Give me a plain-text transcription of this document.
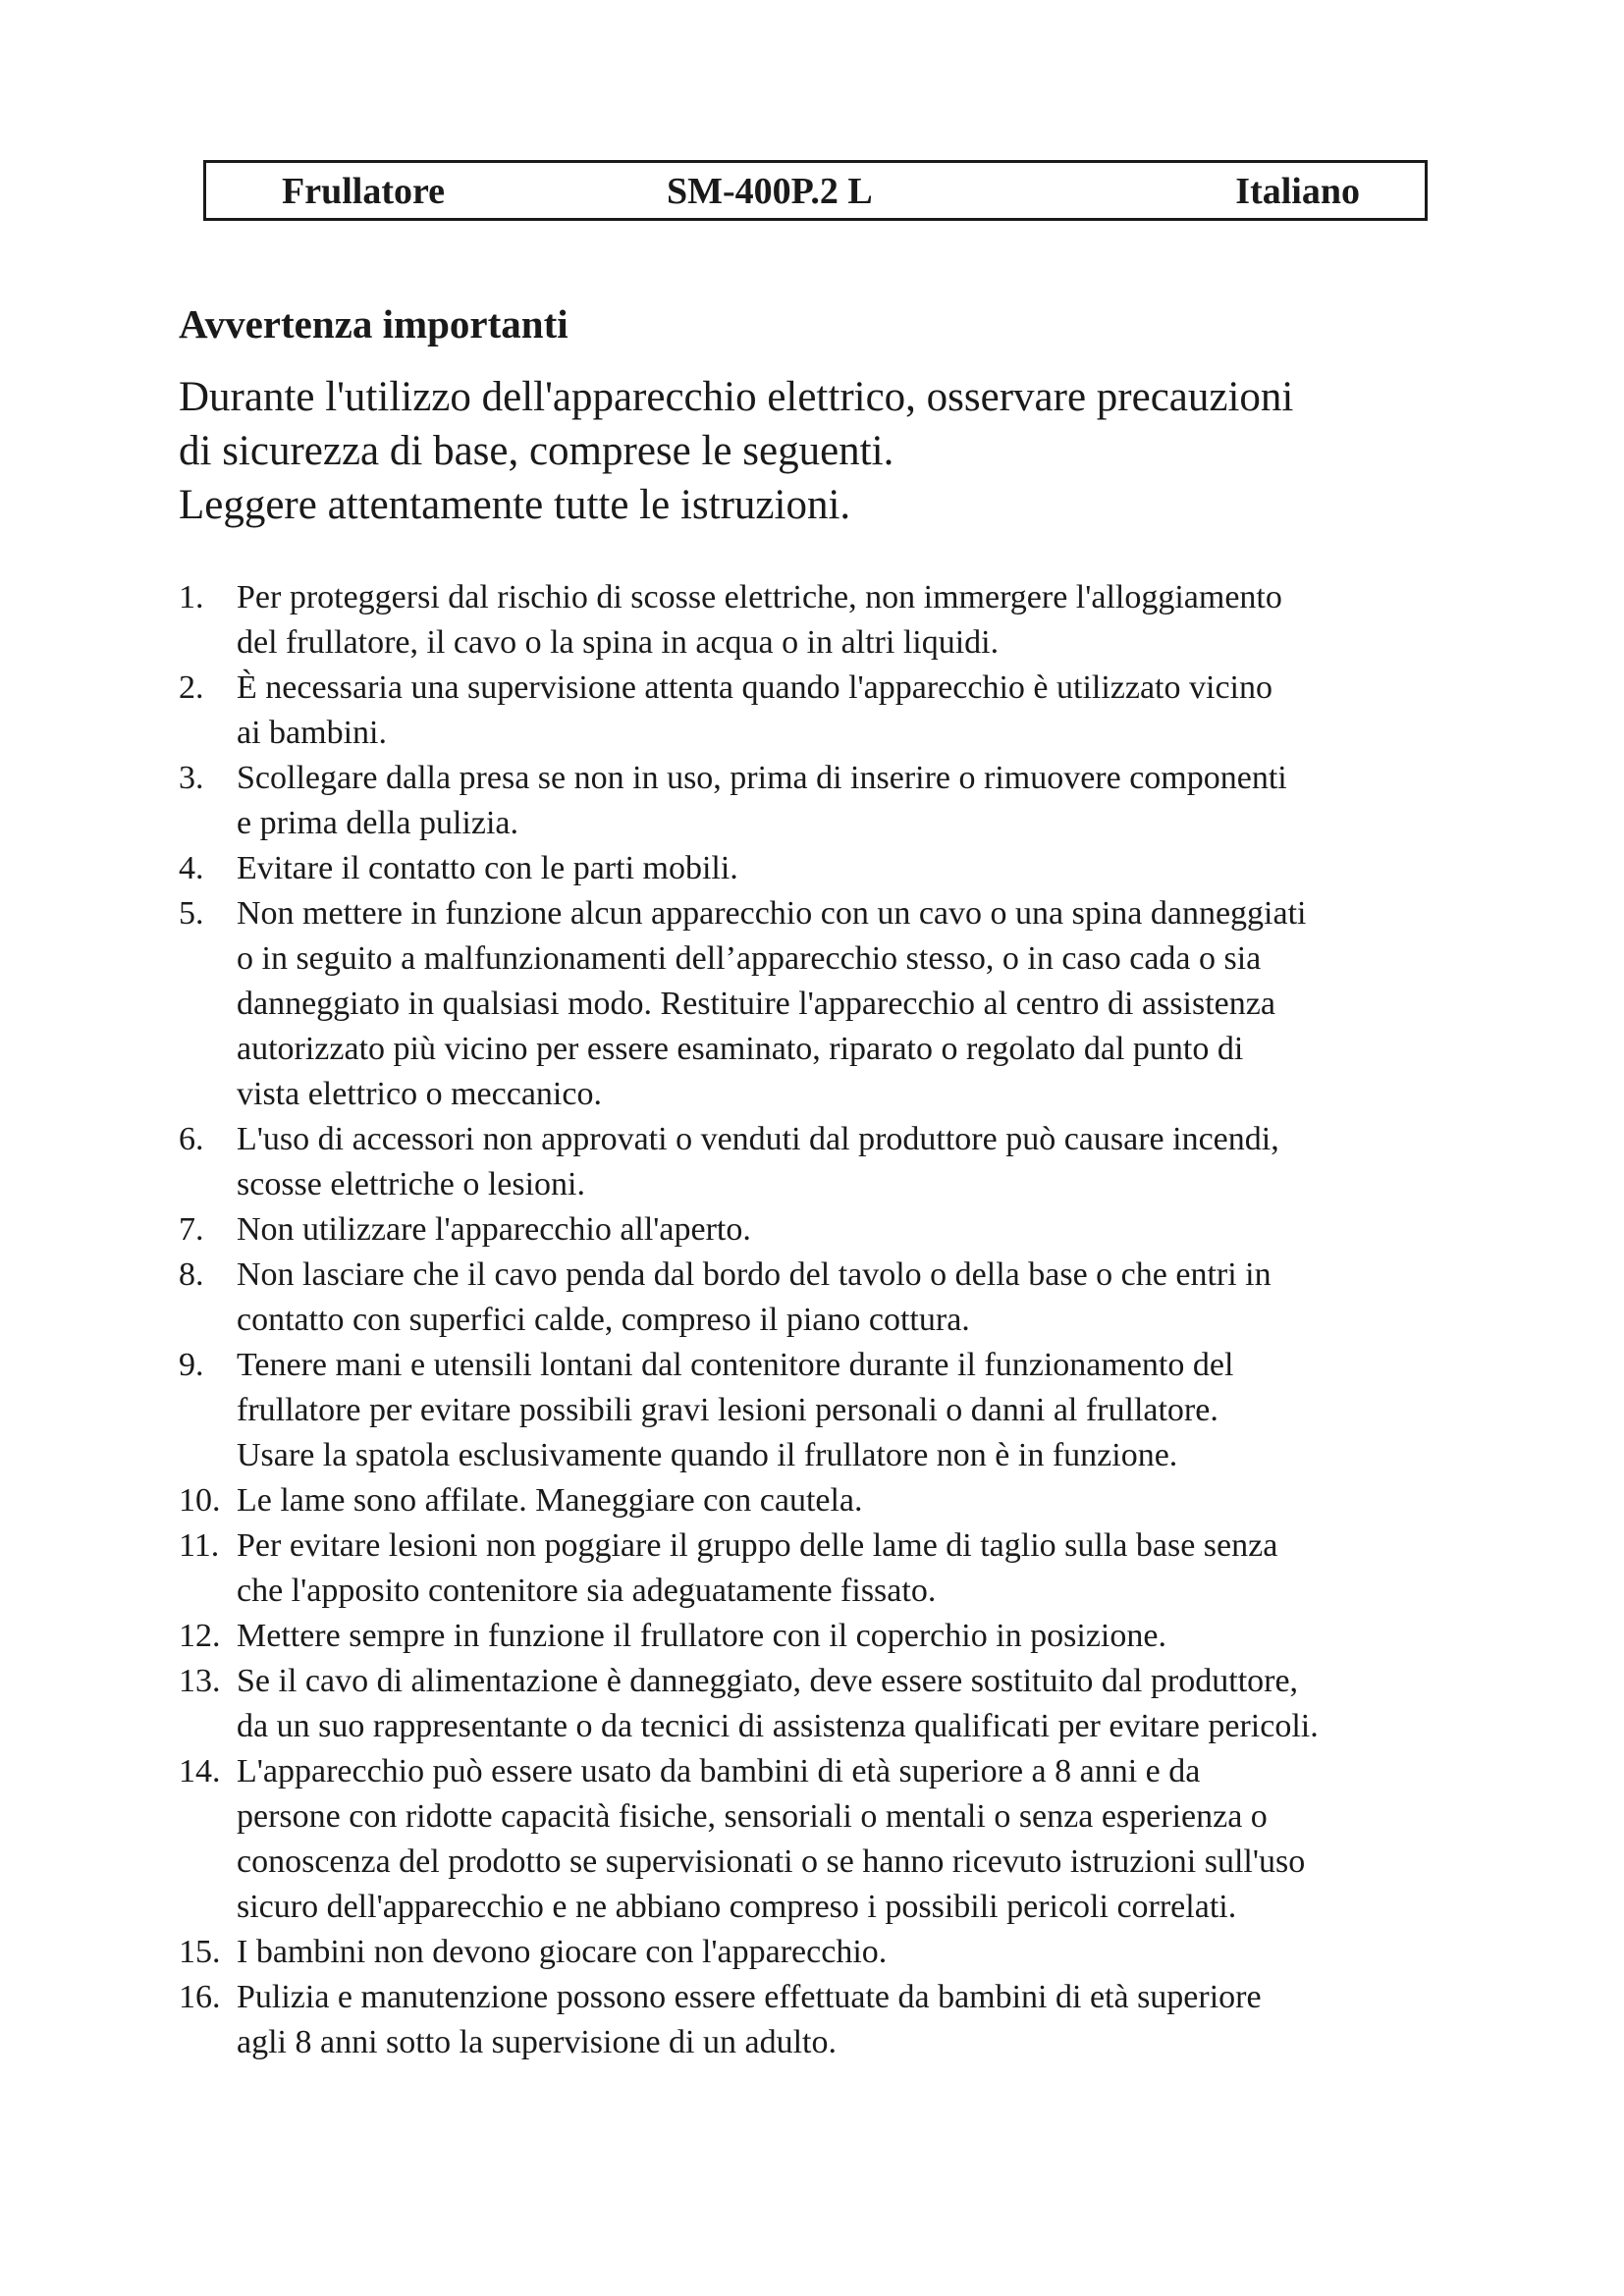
Frullatore	SM-400P.2 L	Italiano
Avvertenza importanti
Durante l'utilizzo dell'apparecchio elettrico, osservare precauzioni
di sicurezza di base, comprese le seguenti.
Leggere attentamente tutte le istruzioni.
1. Per proteggersi dal rischio di scosse elettriche, non immergere l'alloggiamento
del frullatore, il cavo o la spina in acqua o in altri liquidi.
2. È necessaria una supervisione attenta quando l'apparecchio è utilizzato vicino
ai bambini.
3. Scollegare dalla presa se non in uso, prima di inserire o rimuovere componenti
e prima della pulizia.
4. Evitare il contatto con le parti mobili.
5. Non mettere in funzione alcun apparecchio con un cavo o una spina danneggiati
o in seguito a malfunzionamenti dell’apparecchio stesso, o in caso cada o sia
danneggiato in qualsiasi modo. Restituire l'apparecchio al centro di assistenza
autorizzato più vicino per essere esaminato, riparato o regolato dal punto di
vista elettrico o meccanico.
6. L'uso di accessori non approvati o venduti dal produttore può causare incendi,
scosse elettriche o lesioni.
7. Non utilizzare l'apparecchio all'aperto.
8. Non lasciare che il cavo penda dal bordo del tavolo o della base o che entri in
contatto con superfici calde, compreso il piano cottura.
9. Tenere mani e utensili lontani dal contenitore durante il funzionamento del
frullatore per evitare possibili gravi lesioni personali o danni al frullatore.
Usare la spatola esclusivamente quando il frullatore non è in funzione.
10. Le lame sono affilate. Maneggiare con cautela.
11. Per evitare lesioni non poggiare il gruppo delle lame di taglio sulla base senza
che l'apposito contenitore sia adeguatamente fissato.
12. Mettere sempre in funzione il frullatore con il coperchio in posizione.
13. Se il cavo di alimentazione è danneggiato, deve essere sostituito dal produttore,
da un suo rappresentante o da tecnici di assistenza qualificati per evitare pericoli.
14. L'apparecchio può essere usato da bambini di età superiore a 8 anni e da
persone con ridotte capacità fisiche, sensoriali o mentali o senza esperienza o
conoscenza del prodotto se supervisionati o se hanno ricevuto istruzioni sull'uso
sicuro dell'apparecchio e ne abbiano compreso i possibili pericoli correlati.
15. I bambini non devono giocare con l'apparecchio.
16. Pulizia e manutenzione possono essere effettuate da bambini di età superiore
agli 8 anni sotto la supervisione di un adulto.
